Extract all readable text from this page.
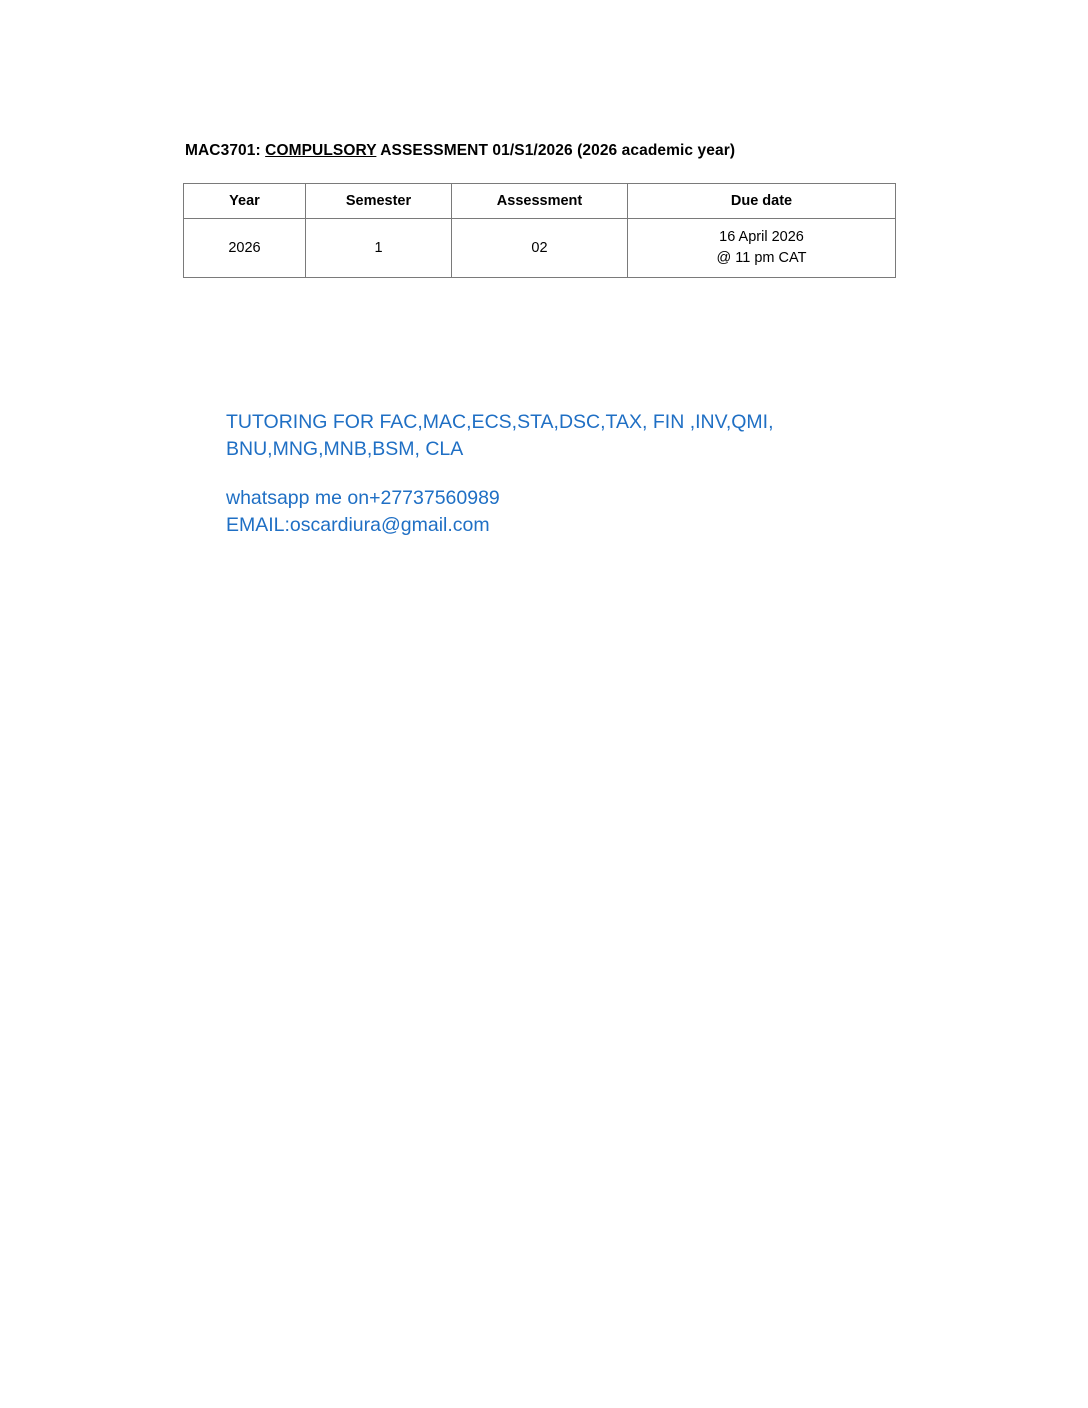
MAC3701: COMPULSORY ASSESSMENT 01/S1/2026 (2026 academic year)
Year	Semester	Assessment	Due date
2026	1	02	16 April 2026
@ 11 pm CAT
TUTORING FOR FAC,MAC,ECS,STA,DSC,TAX, FIN ,INV,QMI, BNU,MNG,MNB,BSM, CLA
whatsapp me on+27737560989
EMAIL:oscardiura@gmail.com
